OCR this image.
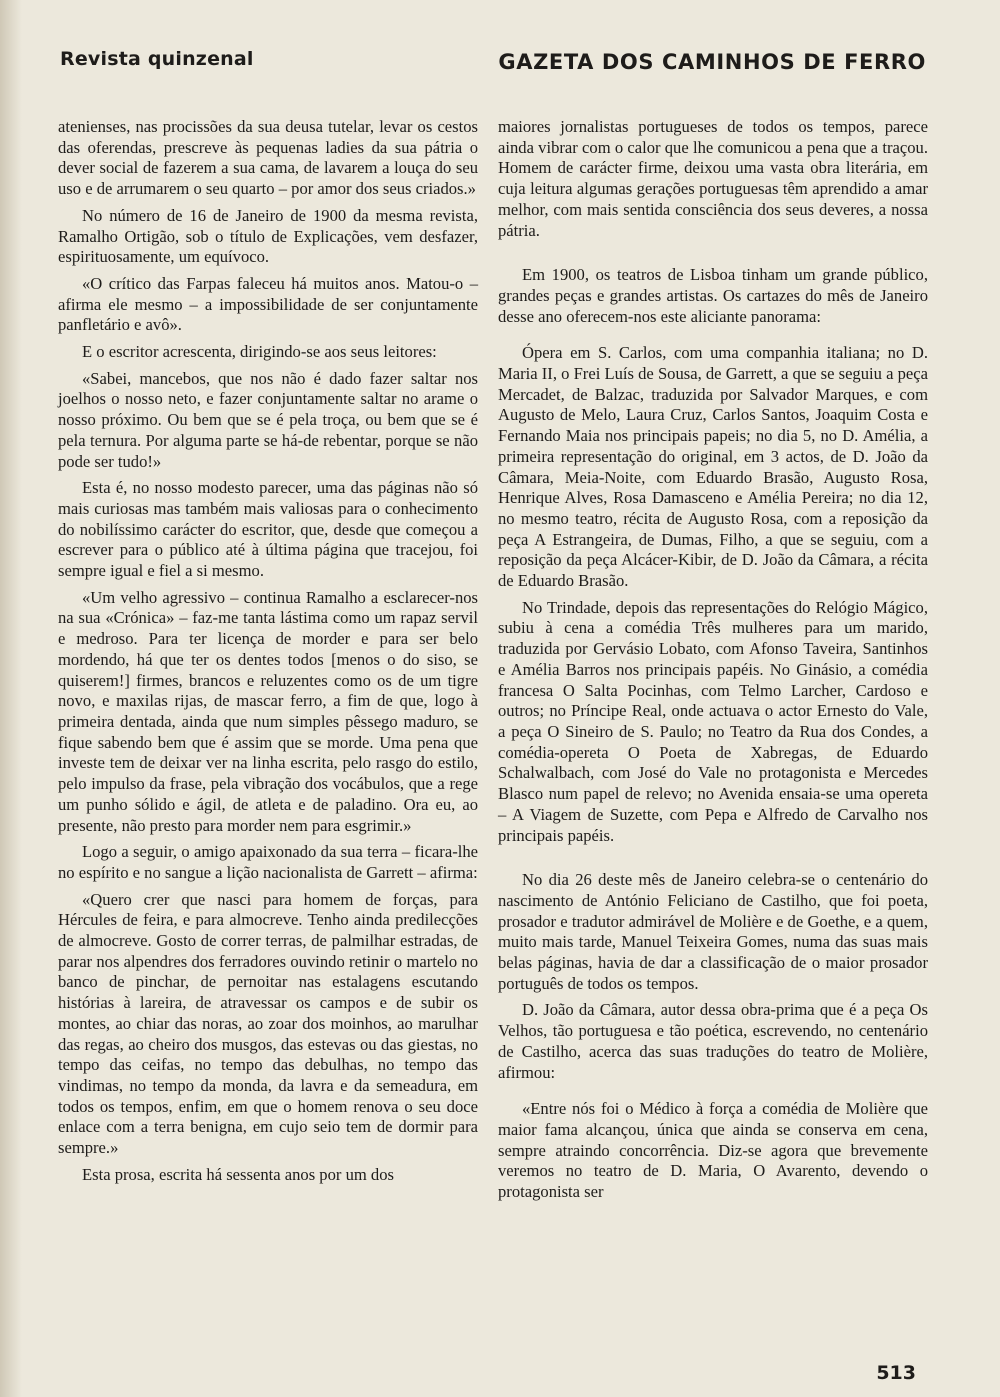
Revista quinzenal	GAZETA DOS CAMINHOS DE FERRO

atenienses, nas procissões da sua deusa tutelar, levar os cestos das oferendas, prescreve às pequenas ladies da sua pátria o dever social de fazerem a sua cama, de lavarem a louça do seu uso e de arrumarem o seu quarto – por amor dos seus criados.»

No número de 16 de Janeiro de 1900 da mesma revista, Ramalho Ortigão, sob o título de Explicações, vem desfazer, espirituosamente, um equívoco.

«O crítico das Farpas faleceu há muitos anos. Matou-o – afirma ele mesmo – a impossibilidade de ser conjuntamente panfletário e avô».

E o escritor acrescenta, dirigindo-se aos seus leitores:

«Sabei, mancebos, que nos não é dado fazer saltar nos joelhos o nosso neto, e fazer conjuntamente saltar no arame o nosso próximo. Ou bem que se é pela troça, ou bem que se é pela ternura. Por alguma parte se há-de rebentar, porque se não pode ser tudo!»

Esta é, no nosso modesto parecer, uma das páginas não só mais curiosas mas também mais valiosas para o conhecimento do nobilíssimo carácter do escritor, que, desde que começou a escrever para o público até à última página que tracejou, foi sempre igual e fiel a si mesmo.

«Um velho agressivo – continua Ramalho a esclarecer-nos na sua «Crónica» – faz-me tanta lástima como um rapaz servil e medroso. Para ter licença de morder e para ser belo mordendo, há que ter os dentes todos [menos o do siso, se quiserem!] firmes, brancos e reluzentes como os de um tigre novo, e maxilas rijas, de mascar ferro, a fim de que, logo à primeira dentada, ainda que num simples pêssego maduro, se fique sabendo bem que é assim que se morde. Uma pena que investe tem de deixar ver na linha escrita, pelo rasgo do estilo, pelo impulso da frase, pela vibração dos vocábulos, que a rege um punho sólido e ágil, de atleta e de paladino. Ora eu, ao presente, não presto para morder nem para esgrimir.»

Logo a seguir, o amigo apaixonado da sua terra – ficara-lhe no espírito e no sangue a lição nacionalista de Garrett – afirma:

«Quero crer que nasci para homem de forças, para Hércules de feira, e para almocreve. Tenho ainda predilecções de almocreve. Gosto de correr terras, de palmilhar estradas, de parar nos alpendres dos ferradores ouvindo retinir o martelo no banco de pinchar, de pernoitar nas estalagens escutando histórias à lareira, de atravessar os campos e de subir os montes, ao chiar das noras, ao zoar dos moinhos, ao marulhar das regas, ao cheiro dos musgos, das estevas ou das giestas, no tempo das ceifas, no tempo das debulhas, no tempo das vindimas, no tempo da monda, da lavra e da semeadura, em todos os tempos, enfim, em que o homem renova o seu doce enlace com a terra benigna, em cujo seio tem de dormir para sempre.»

Esta prosa, escrita há sessenta anos por um dos

maiores jornalistas portugueses de todos os tempos, parece ainda vibrar com o calor que lhe comunicou a pena que a traçou. Homem de carácter firme, deixou uma vasta obra literária, em cuja leitura algumas gerações portuguesas têm aprendido a amar melhor, com mais sentida consciência dos seus deveres, a nossa pátria.

Em 1900, os teatros de Lisboa tinham um grande público, grandes peças e grandes artistas. Os cartazes do mês de Janeiro desse ano oferecem-nos este aliciante panorama:

Ópera em S. Carlos, com uma companhia italiana; no D. Maria II, o Frei Luís de Sousa, de Garrett, a que se seguiu a peça Mercadet, de Balzac, traduzida por Salvador Marques, e com Augusto de Melo, Laura Cruz, Carlos Santos, Joaquim Costa e Fernando Maia nos principais papeis; no dia 5, no D. Amélia, a primeira representação do original, em 3 actos, de D. João da Câmara, Meia-Noite, com Eduardo Brasão, Augusto Rosa, Henrique Alves, Rosa Damasceno e Amélia Pereira; no dia 12, no mesmo teatro, récita de Augusto Rosa, com a reposição da peça A Estrangeira, de Dumas, Filho, a que se seguiu, com a reposição da peça Alcácer-Kibir, de D. João da Câmara, a récita de Eduardo Brasão.

No Trindade, depois das representações do Relógio Mágico, subiu à cena a comédia Três mulheres para um marido, traduzida por Gervásio Lobato, com Afonso Taveira, Santinhos e Amélia Barros nos principais papéis. No Ginásio, a comédia francesa O Salta Pocinhas, com Telmo Larcher, Cardoso e outros; no Príncipe Real, onde actuava o actor Ernesto do Vale, a peça O Sineiro de S. Paulo; no Teatro da Rua dos Condes, a comédia-opereta O Poeta de Xabregas, de Eduardo Schalwalbach, com José do Vale no protagonista e Mercedes Blasco num papel de relevo; no Avenida ensaia-se uma opereta – A Viagem de Suzette, com Pepa e Alfredo de Carvalho nos principais papéis.

No dia 26 deste mês de Janeiro celebra-se o centenário do nascimento de António Feliciano de Castilho, que foi poeta, prosador e tradutor admirável de Molière e de Goethe, e a quem, muito mais tarde, Manuel Teixeira Gomes, numa das suas mais belas páginas, havia de dar a classificação de o maior prosador português de todos os tempos.

D. João da Câmara, autor dessa obra-prima que é a peça Os Velhos, tão portuguesa e tão poética, escrevendo, no centenário de Castilho, acerca das suas traduções do teatro de Molière, afirmou:

«Entre nós foi o Médico à força a comédia de Molière que maior fama alcançou, única que ainda se conserva em cena, sempre atraindo concorrência. Diz-se agora que brevemente veremos no teatro de D. Maria, O Avarento, devendo o protagonista ser

513
